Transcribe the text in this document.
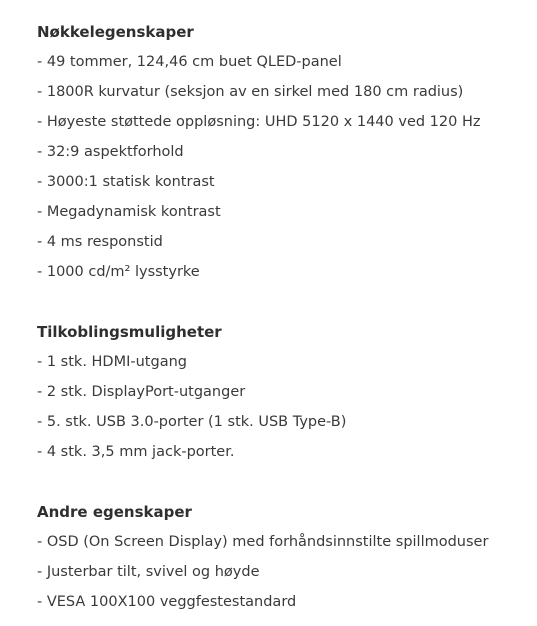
Nøkkelegenskaper

- 49 tommer, 124,46 cm buet QLED-panel

- 1800R kurvatur (seksjon av en sirkel med 180 cm radius)

- Høyeste støttede oppløsning: UHD 5120 x 1440 ved 120 Hz

- 32:9 aspektforhold

- 3000:1 statisk kontrast

- Megadynamisk kontrast

- 4 ms responstid

- 1000 cd/m² lysstyrke

Tilkoblingsmuligheter

- 1 stk. HDMI-utgang

- 2 stk. DisplayPort-utganger

- 5. stk. USB 3.0-porter (1 stk. USB Type-B)

- 4 stk. 3,5 mm jack-porter.

Andre egenskaper

- OSD (On Screen Display) med forhåndsinnstilte spillmoduser

- Justerbar tilt, svivel og høyde

- VESA 100X100 veggfestestandard
